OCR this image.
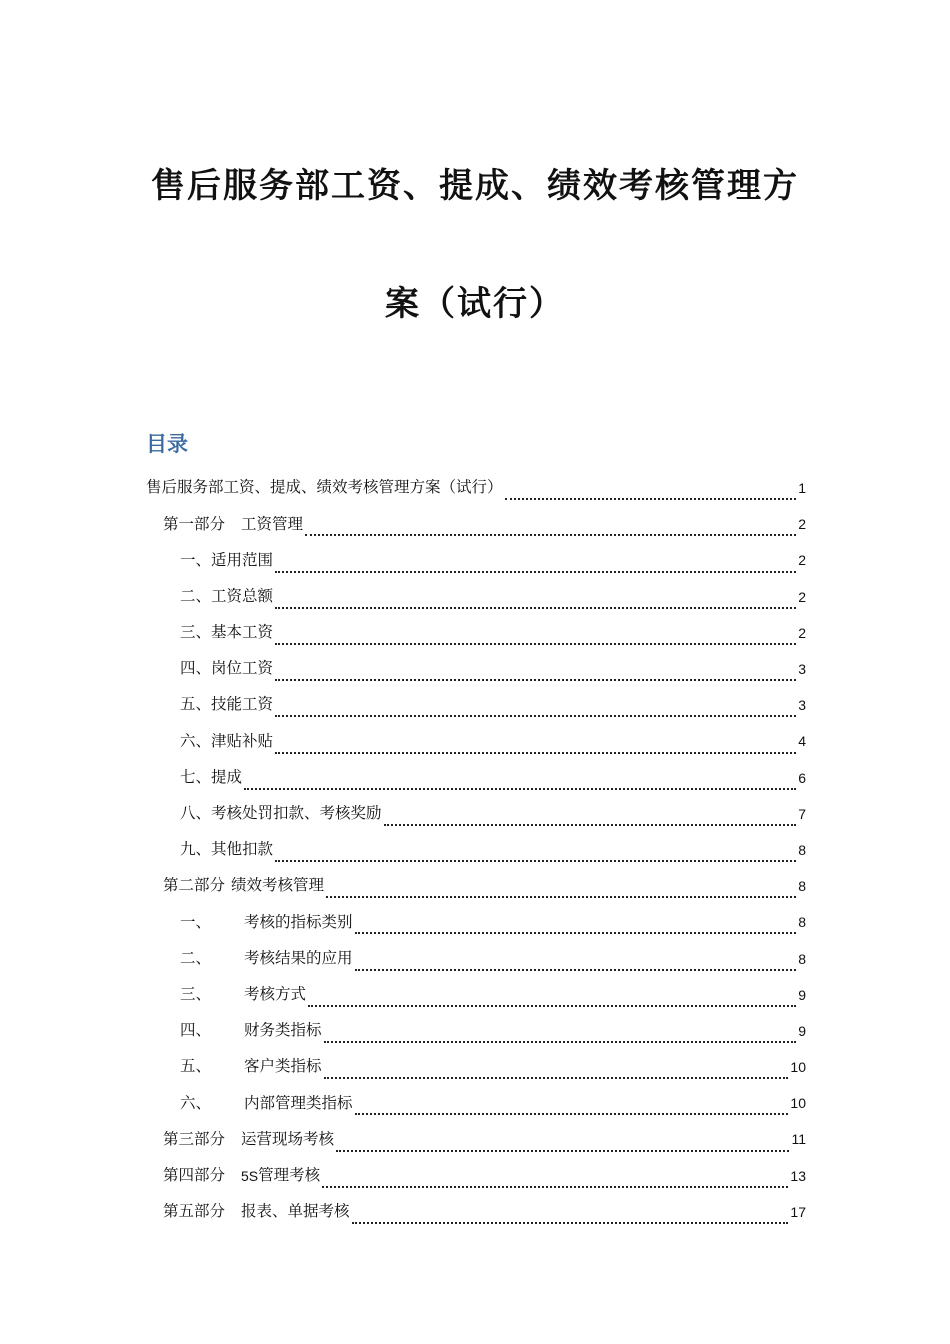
售后服务部工资、提成、绩效考核管理方
案（试行）
目录
售后服务部工资、提成、绩效考核管理方案（试行）	1
第一部分 工资管理	2
一、 适用范围	2
二、 工资总额	2
三、 基本工资	2
四、 岗位工资	3
五、 技能工资	3
六、 津贴补贴	4
七、 提成	6
八、 考核处罚扣款、考核奖励	7
九、 其他扣款	8
第二部分 绩效考核管理	8
一、	考核的指标类别	8
二、	考核结果的应用	8
三、	考核方式	9
四、	财务类指标	9
五、	客户类指标	10
六、	内部管理类指标	10
第三部分 运营现场考核	11
第四部分 5S 管理考核	13
第五部分 报表、单据考核	17
